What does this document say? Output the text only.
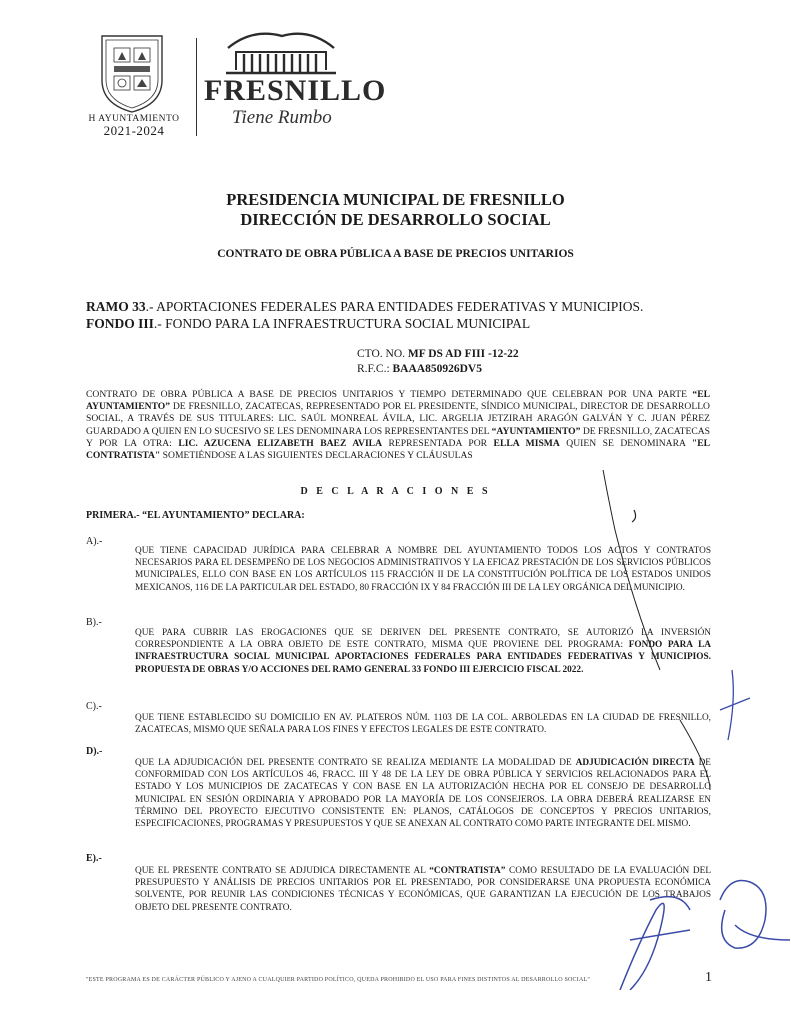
H AYUNTAMIENTO
2021-2024
FRESNILLO
Tiene Rumbo
PRESIDENCIA MUNICIPAL DE FRESNILLO
DIRECCIÓN DE DESARROLLO SOCIAL
CONTRATO DE OBRA PÚBLICA A BASE DE PRECIOS UNITARIOS
RAMO 33.- APORTACIONES FEDERALES PARA ENTIDADES FEDERATIVAS Y MUNICIPIOS.
FONDO III.- FONDO PARA LA INFRAESTRUCTURA SOCIAL MUNICIPAL
CTO. NO. MF DS AD FIII -12-22
R.F.C.: BAAA850926DV5
CONTRATO DE OBRA PÚBLICA A BASE DE PRECIOS UNITARIOS Y TIEMPO DETERMINADO QUE CELEBRAN POR UNA PARTE “EL AYUNTAMIENTO” DE FRESNILLO, ZACATECAS, REPRESENTADO POR EL PRESIDENTE, SÍNDICO MUNICIPAL, DIRECTOR DE DESARROLLO SOCIAL, A TRAVÉS DE SUS TITULARES: LIC. SAÚL MONREAL ÁVILA, LIC. ARGELIA JETZIRAH ARAGÓN GALVÁN Y C. JUAN PÉREZ GUARDADO A QUIEN EN LO SUCESIVO SE LES DENOMINARA LOS REPRESENTANTES DEL “AYUNTAMIENTO” DE FRESNILLO, ZACATECAS Y POR LA OTRA: LIC. AZUCENA ELIZABETH BAEZ AVILA REPRESENTADA POR ELLA MISMA QUIEN SE DENOMINARA "EL CONTRATISTA" SOMETIÉNDOSE A LAS SIGUIENTES DECLARACIONES Y CLÁUSULAS
D E C L A R A C I O N E S
PRIMERA.- “EL AYUNTAMIENTO” DECLARA:
A).-
QUE TIENE CAPACIDAD JURÍDICA PARA CELEBRAR A NOMBRE DEL AYUNTAMIENTO TODOS LOS ACTOS Y CONTRATOS NECESARIOS PARA EL DESEMPEÑO DE LOS NEGOCIOS ADMINISTRATIVOS Y LA EFICAZ PRESTACIÓN DE LOS SERVICIOS PÚBLICOS MUNICIPALES, ELLO CON BASE EN LOS ARTÍCULOS 115 FRACCIÓN II DE LA CONSTITUCIÓN POLÍTICA DE LOS ESTADOS UNIDOS MEXICANOS, 116 DE LA PARTICULAR DEL ESTADO, 80 FRACCIÓN IX Y 84 FRACCIÓN III DE LA LEY ORGÁNICA DEL MUNICIPIO.
B).-
QUE PARA CUBRIR LAS EROGACIONES QUE SE DERIVEN DEL PRESENTE CONTRATO, SE AUTORIZÓ LA INVERSIÓN CORRESPONDIENTE A LA OBRA OBJETO DE ESTE CONTRATO, MISMA QUE PROVIENE DEL PROGRAMA: FONDO PARA LA INFRAESTRUCTURA SOCIAL MUNICIPAL APORTACIONES FEDERALES PARA ENTIDADES FEDERATIVAS Y MUNICIPIOS. PROPUESTA DE OBRAS Y/O ACCIONES DEL RAMO GENERAL 33 FONDO III EJERCICIO FISCAL 2022.
C).-
QUE TIENE ESTABLECIDO SU DOMICILIO EN AV. PLATEROS NÚM. 1103 DE LA COL. ARBOLEDAS EN LA CIUDAD DE FRESNILLO, ZACATECAS, MISMO QUE SEÑALA PARA LOS FINES Y EFECTOS LEGALES DE ESTE CONTRATO.
D).-
QUE LA ADJUDICACIÓN DEL PRESENTE CONTRATO SE REALIZA MEDIANTE LA MODALIDAD DE ADJUDICACIÓN DIRECTA DE CONFORMIDAD CON LOS ARTÍCULOS 46, FRACC. III Y 48 DE LA LEY DE OBRA PÚBLICA Y SERVICIOS RELACIONADOS PARA EL ESTADO Y LOS MUNICIPIOS DE ZACATECAS Y CON BASE EN LA AUTORIZACIÓN HECHA POR EL CONSEJO DE DESARROLLO MUNICIPAL EN SESIÓN ORDINARIA Y APROBADO POR LA MAYORÍA DE LOS CONSEJEROS. LA OBRA DEBERÁ REALIZARSE EN TÉRMINO DEL PROYECTO EJECUTIVO CONSISTENTE EN: PLANOS, CATÁLOGOS DE CONCEPTOS Y PRECIOS UNITARIOS, ESPECIFICACIONES, PROGRAMAS Y PRESUPUESTOS Y QUE SE ANEXAN AL CONTRATO COMO PARTE INTEGRANTE DEL MISMO.
E).-
QUE EL PRESENTE CONTRATO SE ADJUDICA DIRECTAMENTE AL “CONTRATISTA” COMO RESULTADO DE LA EVALUACIÓN DEL PRESUPUESTO Y ANÁLISIS DE PRECIOS UNITARIOS POR EL PRESENTADO, POR CONSIDERARSE UNA PROPUESTA ECONÓMICA SOLVENTE, POR REUNIR LAS CONDICIONES TÉCNICAS Y ECONÓMICAS, QUE GARANTIZAN LA EJECUCIÓN DE LOS TRABAJOS OBJETO DEL PRESENTE CONTRATO.
"ESTE PROGRAMA ES DE CARÁCTER PÚBLICO Y AJENO A CUALQUIER PARTIDO POLÍTICO, QUEDA PROHIBIDO EL USO PARA FINES DISTINTOS AL DESARROLLO SOCIAL"	1
